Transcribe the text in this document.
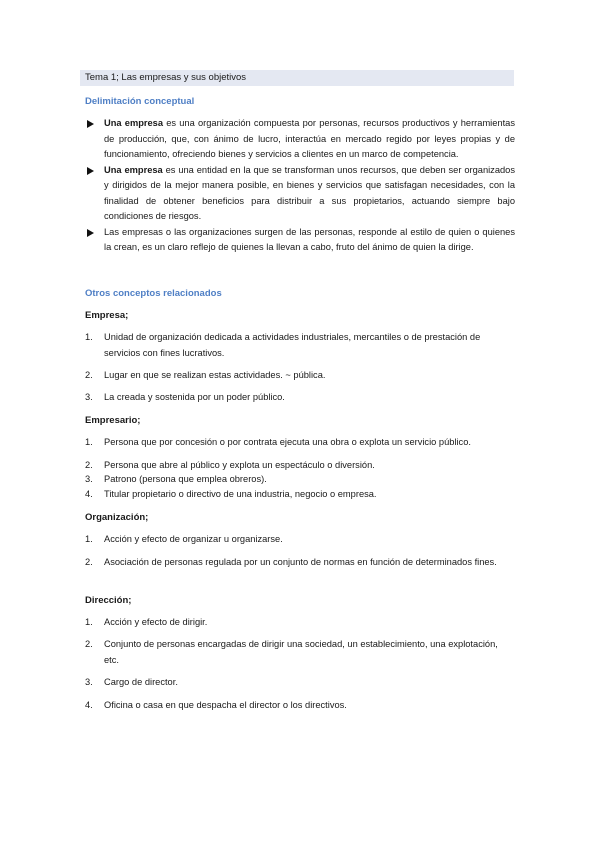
Tema 1; Las empresas y sus objetivos
Delimitación conceptual
Una empresa es una organización compuesta por personas, recursos productivos y herramientas de producción, que, con ánimo de lucro, interactúa en mercado regido por leyes propias y de funcionamiento, ofreciendo bienes y servicios a clientes en un marco de competencia.
Una empresa es una entidad en la que se transforman unos recursos, que deben ser organizados y dirigidos de la mejor manera posible, en bienes y servicios que satisfagan necesidades, con la finalidad de obtener beneficios para distribuir a sus propietarios, actuando siempre bajo condiciones de riesgos.
Las empresas o las organizaciones surgen de las personas, responde al estilo de quien o quienes la crean, es un claro reflejo de quienes la llevan a cabo, fruto del ánimo de quien la dirige.
Otros conceptos relacionados
Empresa;
1. Unidad de organización dedicada a actividades industriales, mercantiles o de prestación de servicios con fines lucrativos.
2. Lugar en que se realizan estas actividades. ~ pública.
3. La creada y sostenida por un poder público.
Empresario;
1. Persona que por concesión o por contrata ejecuta una obra o explota un servicio público.
2. Persona que abre al público y explota un espectáculo o diversión.
3. Patrono (persona que emplea obreros).
4. Titular propietario o directivo de una industria, negocio o empresa.
Organización;
1. Acción y efecto de organizar u organizarse.
2. Asociación de personas regulada por un conjunto de normas en función de determinados fines.
Dirección;
1. Acción y efecto de dirigir.
2. Conjunto de personas encargadas de dirigir una sociedad, un establecimiento, una explotación, etc.
3. Cargo de director.
4. Oficina o casa en que despacha el director o los directivos.
